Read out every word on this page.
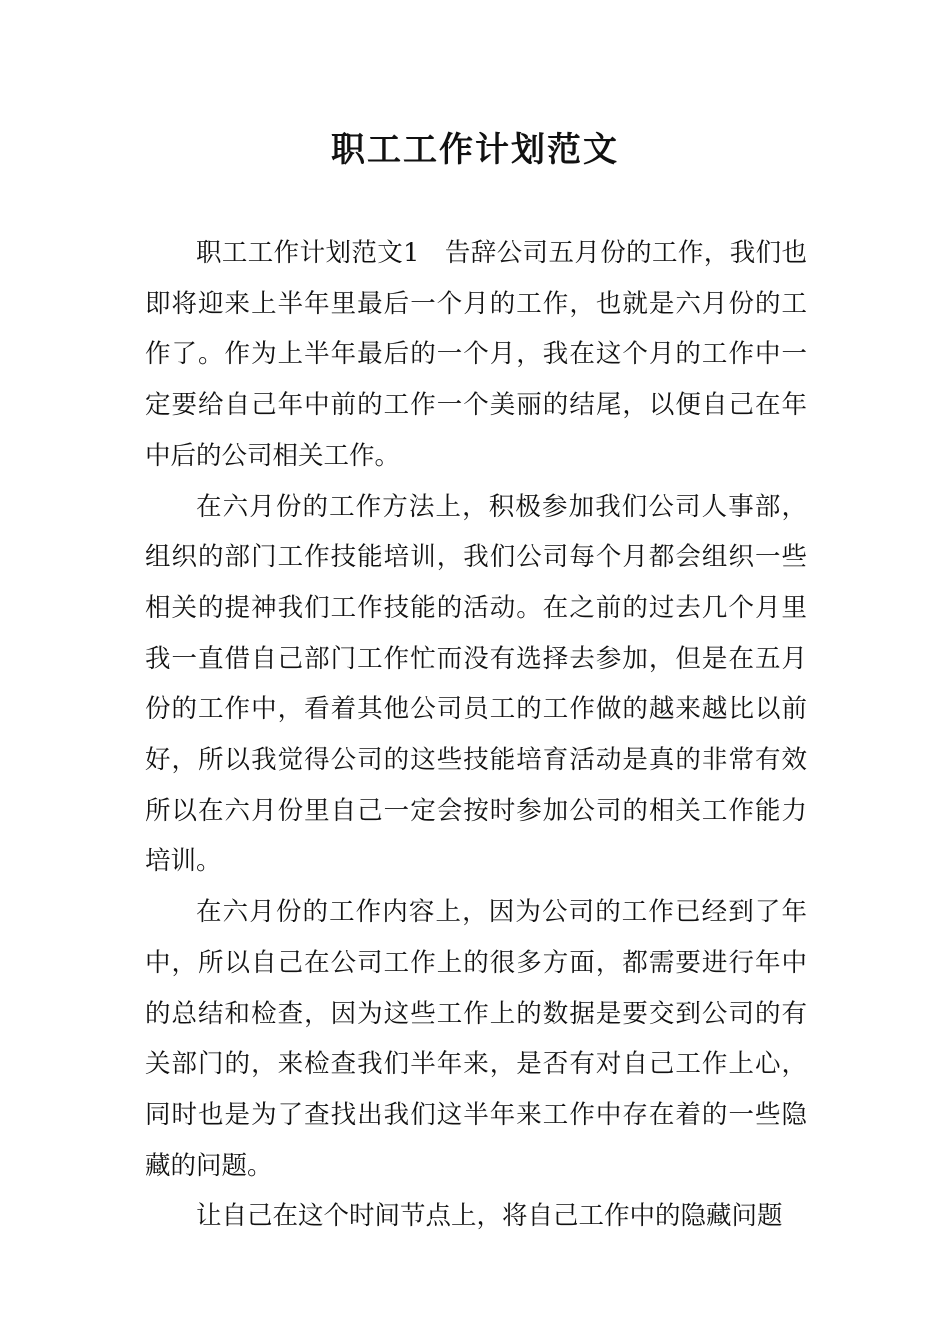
职工工作计划范文

职工工作计划范文1 告辞公司五月份的工作，我们也即将迎来上半年里最后一个月的工作，也就是六月份的工作了。作为上半年最后的一个月，我在这个月的工作中一定要给自己年中前的工作一个美丽的结尾，以便自己在年中后的公司相关工作。

在六月份的工作方法上，积极参加我们公司人事部，组织的部门工作技能培训，我们公司每个月都会组织一些相关的提神我们工作技能的活动。在之前的过去几个月里我一直借自己部门工作忙而没有选择去参加，但是在五月份的工作中，看着其他公司员工的工作做的越来越比以前好，所以我觉得公司的这些技能培育活动是真的非常有效所以在六月份里自己一定会按时参加公司的相关工作能力培训。

在六月份的工作内容上，因为公司的工作已经到了年中，所以自己在公司工作上的很多方面，都需要进行年中的总结和检查，因为这些工作上的数据是要交到公司的有关部门的，来检查我们半年来，是否有对自己工作上心，同时也是为了查找出我们这半年来工作中存在着的一些隐藏的问题。

让自己在这个时间节点上，将自己工作中的隐藏问题
